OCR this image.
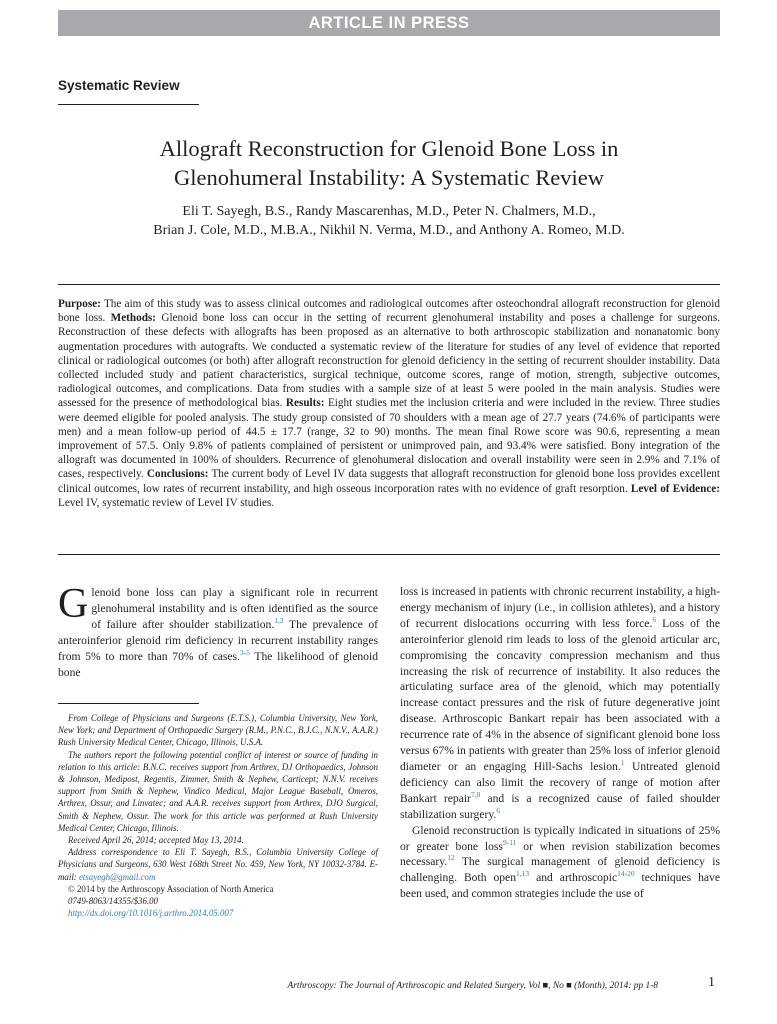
ARTICLE IN PRESS
Systematic Review
Allograft Reconstruction for Glenoid Bone Loss in
Glenohumeral Instability: A Systematic Review
Eli T. Sayegh, B.S., Randy Mascarenhas, M.D., Peter N. Chalmers, M.D.,
Brian J. Cole, M.D., M.B.A., Nikhil N. Verma, M.D., and Anthony A. Romeo, M.D.
Purpose: The aim of this study was to assess clinical outcomes and radiological outcomes after osteochondral allograft reconstruction for glenoid bone loss. Methods: Glenoid bone loss can occur in the setting of recurrent glenohumeral instability and poses a challenge for surgeons. Reconstruction of these defects with allografts has been proposed as an alternative to both arthroscopic stabilization and nonanatomic bony augmentation procedures with autografts. We conducted a systematic review of the literature for studies of any level of evidence that reported clinical or radiological outcomes (or both) after allograft reconstruction for glenoid deficiency in the setting of recurrent shoulder instability. Data collected included study and patient characteristics, surgical technique, outcome scores, range of motion, strength, subjective outcomes, radiological outcomes, and complications. Data from studies with a sample size of at least 5 were pooled in the main analysis. Studies were assessed for the presence of methodological bias. Results: Eight studies met the inclusion criteria and were included in the review. Three studies were deemed eligible for pooled analysis. The study group consisted of 70 shoulders with a mean age of 27.7 years (74.6% of participants were men) and a mean follow-up period of 44.5 ± 17.7 (range, 32 to 90) months. The mean final Rowe score was 90.6, representing a mean improvement of 57.5. Only 9.8% of patients complained of persistent or unimproved pain, and 93.4% were satisfied. Bony integration of the allograft was documented in 100% of shoulders. Recurrence of glenohumeral dislocation and overall instability were seen in 2.9% and 7.1% of cases, respectively. Conclusions: The current body of Level IV data suggests that allograft reconstruction for glenoid bone loss provides excellent clinical outcomes, low rates of recurrent instability, and high osseous incorporation rates with no evidence of graft resorption. Level of Evidence: Level IV, systematic review of Level IV studies.

Glenoid bone loss can play a significant role in recurrent glenohumeral instability and is often identified as the source of failure after shoulder stabilization.$^{1,2}$ The prevalence of anteroinferior glenoid rim deficiency in recurrent instability ranges from 5% to more than 70% of cases.$^{3-5}$ The likelihood of glenoid bone

From College of Physicians and Surgeons (E.T.S.), Columbia University, New York, New York; and Department of Orthopaedic Surgery (R.M., P.N.C., B.J.C., N.N.V., A.A.R.) Rush University Medical Center, Chicago, Illinois, U.S.A.

The authors report the following potential conflict of interest or source of funding in relation to this article: B.N.C. receives support from Arthrex, DJ Orthopaedics, Johnson & Johnson, Medipost, Regentis, Zimmer, Smith & Nephew, Carticept; N.N.V. receives support from Smith & Nephew, Vindico Medical, Major League Baseball, Omeros, Arthrex, Ossur, and Linvatec; and A.A.R. receives support from Arthrex, DJO Surgical, Smith & Nephew, Ossur. The work for this article was performed at Rush University Medical Center, Chicago, Illinois.

Received April 26, 2014; accepted May 13, 2014.

Address correspondence to Eli T. Sayegh, B.S., Columbia University College of Physicians and Surgeons, 630 West 168th Street No. 459, New York, NY 10032-3784. E-mail: etsayegh@gmail.com

© 2014 by the Arthroscopy Association of North America

0749-8063/14355/$36.00

http://dx.doi.org/10.1016/j.arthro.2014.05.007

loss is increased in patients with chronic recurrent instability, a high-energy mechanism of injury (i.e., in collision athletes), and a history of recurrent dislocations occurring with less force.$^6$ Loss of the anteroinferior glenoid rim leads to loss of the glenoid articular arc, compromising the concavity compression mechanism and thus increasing the risk of recurrence of instability. It also reduces the articulating surface area of the glenoid, which may potentially increase contact pressures and the risk of future degenerative joint disease. Arthroscopic Bankart repair has been associated with a recurrence rate of 4% in the absence of significant glenoid bone loss versus 67% in patients with greater than 25% loss of inferior glenoid diameter or an engaging Hill-Sachs lesion.$^1$ Untreated glenoid deficiency can also limit the recovery of range of motion after Bankart repair$^{7,8}$ and is a recognized cause of failed shoulder stabilization surgery.$^6$

Glenoid reconstruction is typically indicated in situations of 25% or greater bone loss$^{9-11}$ or when revision stabilization becomes necessary.$^{12}$ The surgical management of glenoid deficiency is challenging. Both open$^{1,13}$ and arthroscopic$^{14-20}$ techniques have been used, and common strategies include the use of

Arthroscopy: The Journal of Arthroscopic and Related Surgery, Vol ■, No ■ (Month), 2014: pp 1-8	1
